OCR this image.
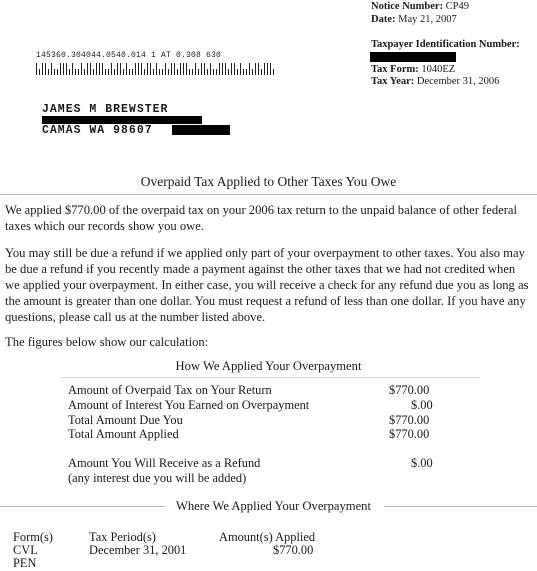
Notice Number: CP49
Date: May 21, 2007
Taxpayer Identification Number:
Tax Form: 1040EZ
Tax Year: December 31, 2006
145360.304044.0540.014 1 AT 0.308 630
JAMES M BREWSTER
CAMAS WA 98607
Overpaid Tax Applied to Other Taxes You Owe
We applied $770.00 of the overpaid tax on your 2006 tax return to the unpaid balance of other federal taxes which our records show you owe.
You may still be due a refund if we applied only part of your overpayment to other taxes. You also may be due a refund if you recently made a payment against the other taxes that we had not credited when we applied your overpayment. In either case, you will receive a check for any refund due you as long as the amount is greater than one dollar. You must request a refund of less than one dollar. If you have any questions, please call us at the number listed above.
The figures below show our calculation:
How We Applied Your Overpayment
Amount of Overpaid Tax on Your Return	$770.00
Amount of Interest You Earned on Overpayment	$.00
Total Amount Due You	$770.00
Total Amount Applied	$770.00
Amount You Will Receive as a Refund	$.00
(any interest due you will be added)
Where We Applied Your Overpayment
Form(s)	Tax Period(s)	Amount(s) Applied
CVL	December 31, 2001	$770.00
PEN
